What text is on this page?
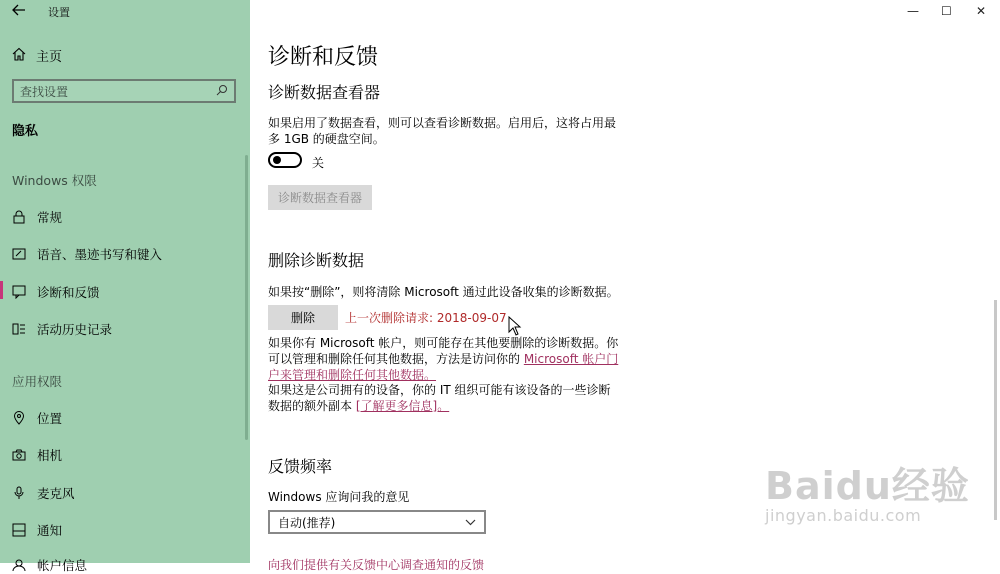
设置
主页
查找设置
隐私
Windows 权限
常规
语音、墨迹书写和键入
诊断和反馈
活动历史记录
应用权限
位置
相机
麦克风
通知
帐户信息
— ☐ ✕
诊断和反馈
诊断数据查看器
如果启用了数据查看，则可以查看诊断数据。启用后，这将占用最多 1GB 的硬盘空间。
关
诊断数据查看器
删除诊断数据
如果按“删除”，则将清除 Microsoft 通过此设备收集的诊断数据。
删除	上一次删除请求: 2018-09-07
如果你有 Microsoft 帐户，则可能存在其他要删除的诊断数据。你可以管理和删除任何其他数据，方法是访问你的 Microsoft 帐户门户来管理和删除任何其他数据。
如果这是公司拥有的设备，你的 IT 组织可能有该设备的一些诊断数据的额外副本 [了解更多信息]。
反馈频率
Windows 应询问我的意见
自动(推荐)
向我们提供有关反馈中心调查通知的反馈
Baidu经验
jingyan.baidu.com
